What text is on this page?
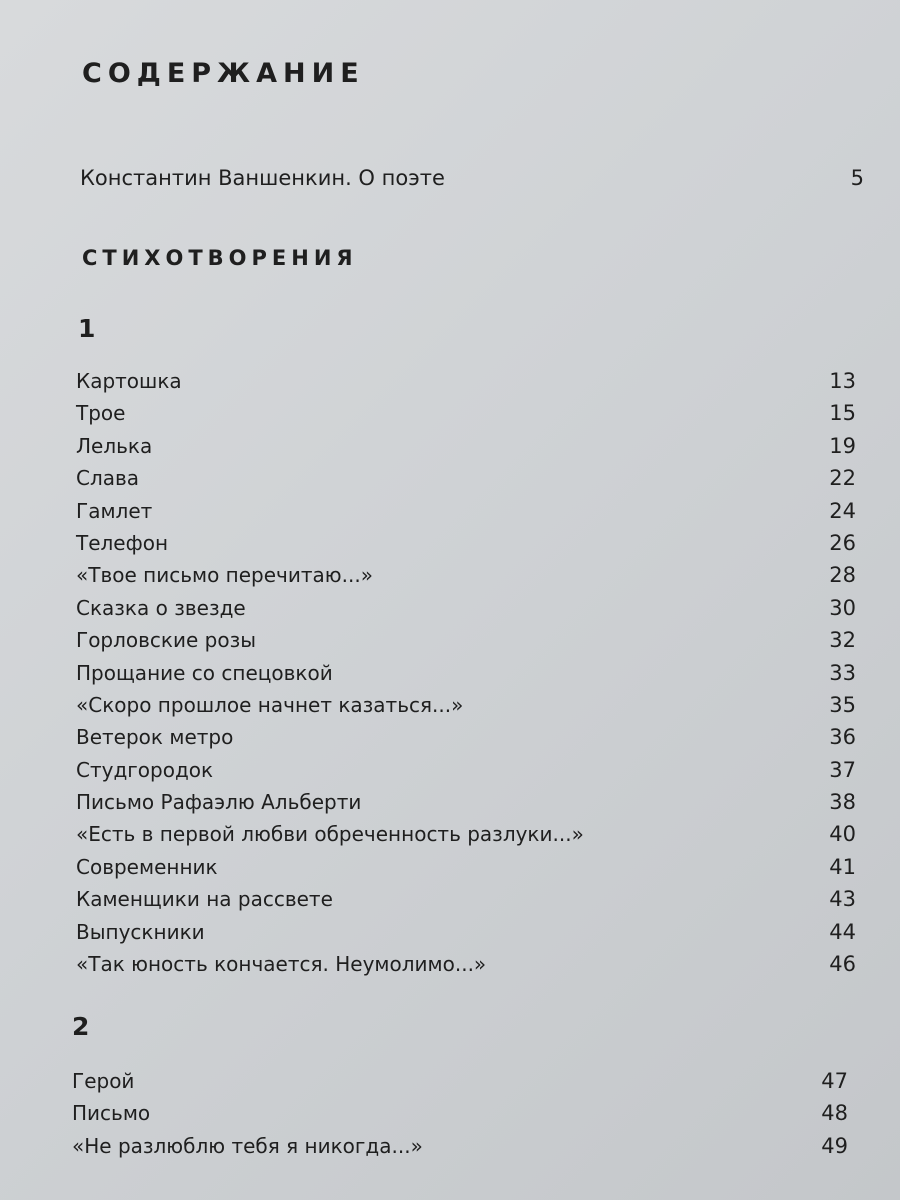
СОДЕРЖАНИЕ
Константин Ваншенкин. О поэте	5
СТИХОТВОРЕНИЯ
1
Картошка	13
Трое	15
Лелька	19
Слава	22
Гамлет	24
Телефон	26
«Твое письмо перечитаю...»	28
Сказка о звезде	30
Горловские розы	32
Прощание со спецовкой	33
«Скоро прошлое начнет казаться...»	35
Ветерок метро	36
Студгородок	37
Письмо Рафаэлю Альберти	38
«Есть в первой любви обреченность разлуки...»	40
Современник	41
Каменщики на рассвете	43
Выпускники	44
«Так юность кончается. Неумолимо...»	46
2
Герой	47
Письмо	48
«Не разлюблю тебя я никогда...»	49
